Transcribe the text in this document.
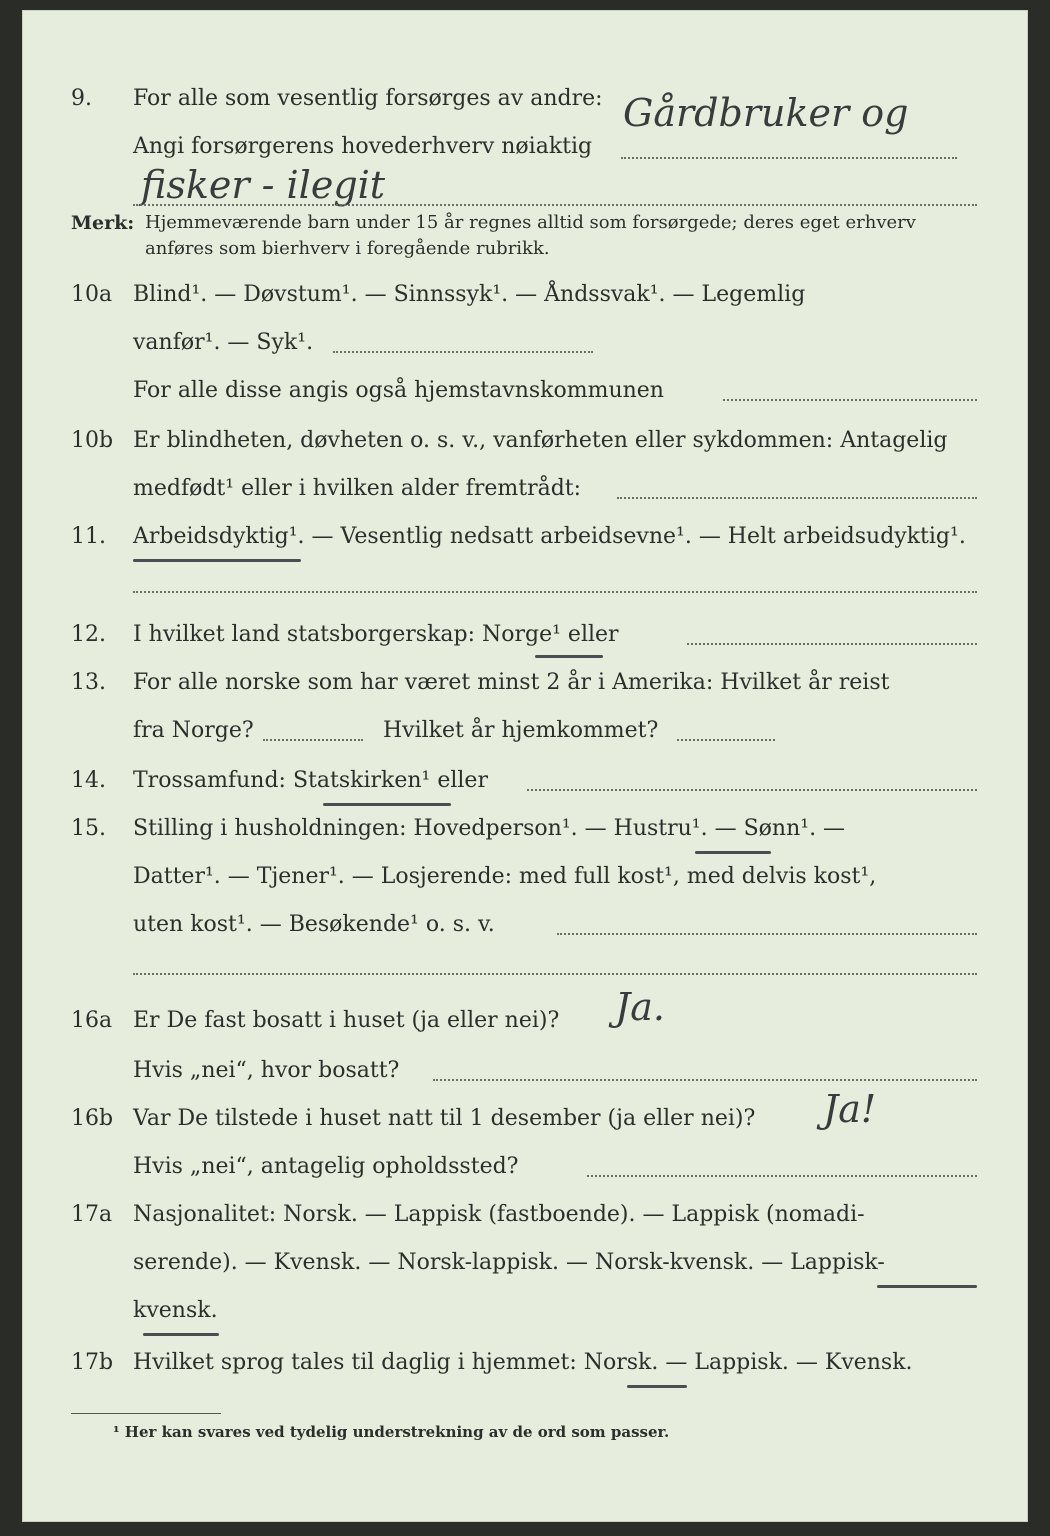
9. For alle som vesentlig forsørges av andre: Gårdbruker og
Angi forsørgerens hovederhverv nøiaktig
fisker - ilegit
Merk: Hjemmeværende barn under 15 år regnes alltid som forsørgede; deres eget erhverv
anføres som bierhverv i foregående rubrikk.
10a Blind¹. — Døvstum¹. — Sinnssyk¹. — Åndssvak¹. — Legemlig
vanfør¹. — Syk¹.
For alle disse angis også hjemstavnskommunen
10b Er blindheten, døvheten o. s. v., vanførheten eller sykdommen: Antagelig
medfødt¹ eller i hvilken alder fremtrådt:
11. Arbeidsdyktig¹. — Vesentlig nedsatt arbeidsevne¹. — Helt arbeidsudyktig¹.
12. I hvilket land statsborgerskap: Norge¹ eller
13. For alle norske som har været minst 2 år i Amerika: Hvilket år reist
fra Norge?	Hvilket år hjemkommet?
14. Trossamfund: Statskirken¹ eller
15. Stilling i husholdningen: Hovedperson¹. — Hustru¹. — Sønn¹. —
Datter¹. — Tjener¹. — Losjerende: med full kost¹, med delvis kost¹,
uten kost¹. — Besøkende¹ o. s. v.
16a Er De fast bosatt i huset (ja eller nei)? Ja.
Hvis „nei“, hvor bosatt?
16b Var De tilstede i huset natt til 1 desember (ja eller nei)? Ja!
Hvis „nei“, antagelig opholdssted?
17a Nasjonalitet: Norsk. — Lappisk (fastboende). — Lappisk (nomadi-
serende). — Kvensk. — Norsk-lappisk. — Norsk-kvensk. — Lappisk-
kvensk.
17b Hvilket sprog tales til daglig i hjemmet: Norsk. — Lappisk. — Kvensk.
¹ Her kan svares ved tydelig understrekning av de ord som passer.
